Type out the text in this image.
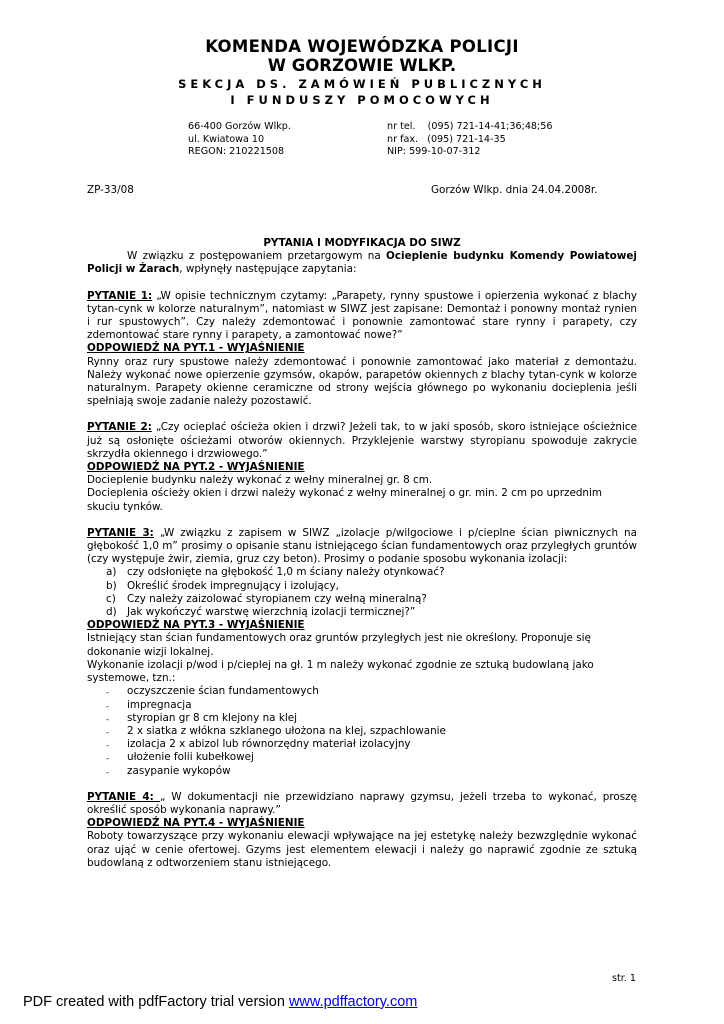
KOMENDA WOJEWÓDZKA POLICJI
W GORZOWIE WLKP.
SEKCJA DS. ZAMÓWIEŃ PUBLICZNYCH
I FUNDUSZY POMOCOWYCH
66-400 Gorzów Wlkp.
ul. Kwiatowa 10
REGON: 210221508
nr tel.    (095) 721-14-41;36;48;56
nr fax.   (095) 721-14-35
NIP: 599-10-07-312
ZP-33/08	Gorzów Wlkp. dnia 24.04.2008r.
PYTANIA I MODYFIKACJA DO SIWZ

W związku z postępowaniem przetargowym na Ocieplenie budynku Komendy Powiatowej Policji w Żarach, wpłynęły następujące zapytania:

PYTANIE 1: „W opisie technicznym czytamy: „Parapety, rynny spustowe i opierzenia wykonać z blachy tytan-cynk w kolorze naturalnym”, natomiast w SIWZ jest zapisane: Demontaż i ponowny montaż rynien i rur spustowych”. Czy należy zdemontować i ponownie zamontować stare rynny i parapety, czy zdemontować stare rynny i parapety, a zamontować nowe?”

ODPOWIEDŹ NA PYT.1 - WYJAŚNIENIE

Rynny oraz rury spustowe należy zdemontować i ponownie zamontować jako materiał z demontażu. Należy wykonać nowe opierzenie gzymsów, okapów, parapetów okiennych z blachy tytan-cynk w kolorze naturalnym. Parapety okienne ceramiczne od strony wejścia głównego po wykonaniu docieplenia jeśli spełniają swoje zadanie należy pozostawić.

PYTANIE 2: „Czy ocieplać ościeża okien i drzwi? Jeżeli tak, to w jaki sposób, skoro istniejące ościeżnice już są osłonięte ościeżami otworów okiennych. Przyklejenie warstwy styropianu spowoduje zakrycie skrzydła okiennego i drzwiowego.”

ODPOWIEDŹ NA PYT.2 - WYJAŚNIENIE

Docieplenie budynku należy wykonać z wełny mineralnej gr. 8 cm.

Docieplenia ościeży okien i drzwi należy wykonać z wełny mineralnej o gr. min. 2 cm po uprzednim skuciu tynków.

PYTANIE 3: „W związku z zapisem w SIWZ „izolacje p/wilgociowe i p/cieplne ścian piwnicznych na głębokość 1,0 m” prosimy o opisanie stanu istniejącego ścian fundamentowych oraz przyległych gruntów (czy występuje żwir, ziemia, gruz czy beton). Prosimy o podanie sposobu wykonania izolacji:

a) czy odsłonięte na głębokość 1,0 m ściany należy otynkować?
b) Określić środek impregnujący i izolujący,
c) Czy należy zaizolować styropianem czy wełną mineralną?
d) Jak wykończyć warstwę wierzchnią izolacji termicznej?”

ODPOWIEDŹ NA PYT.3 - WYJAŚNIENIE

Istniejący stan ścian fundamentowych oraz gruntów przyległych jest nie określony. Proponuje się dokonanie wizji lokalnej.

Wykonanie izolacji p/wod i p/cieplej na gł. 1 m należy wykonać zgodnie ze sztuką budowlaną jako systemowe, tzn.:

- oczyszczenie ścian fundamentowych
- impregnacja
- styropian gr 8 cm klejony na klej
- 2 x siatka z włókna szklanego ułożona na klej, szpachlowanie
- izolacja 2 x abizol lub równorzędny materiał izolacyjny
- ułożenie folii kubełkowej
- zasypanie wykopów

PYTANIE 4: „ W dokumentacji nie przewidziano naprawy gzymsu, jeżeli trzeba to wykonać, proszę określić sposób wykonania naprawy.”

ODPOWIEDŹ NA PYT.4 - WYJAŚNIENIE

Roboty towarzyszące przy wykonaniu elewacji wpływające na jej estetykę należy bezwzględnie wykonać oraz ująć w cenie ofertowej. Gzyms jest elementem elewacji i należy go naprawić zgodnie ze sztuką budowlaną z odtworzeniem stanu istniejącego.

str. 1
PDF created with pdfFactory trial version www.pdffactory.com
